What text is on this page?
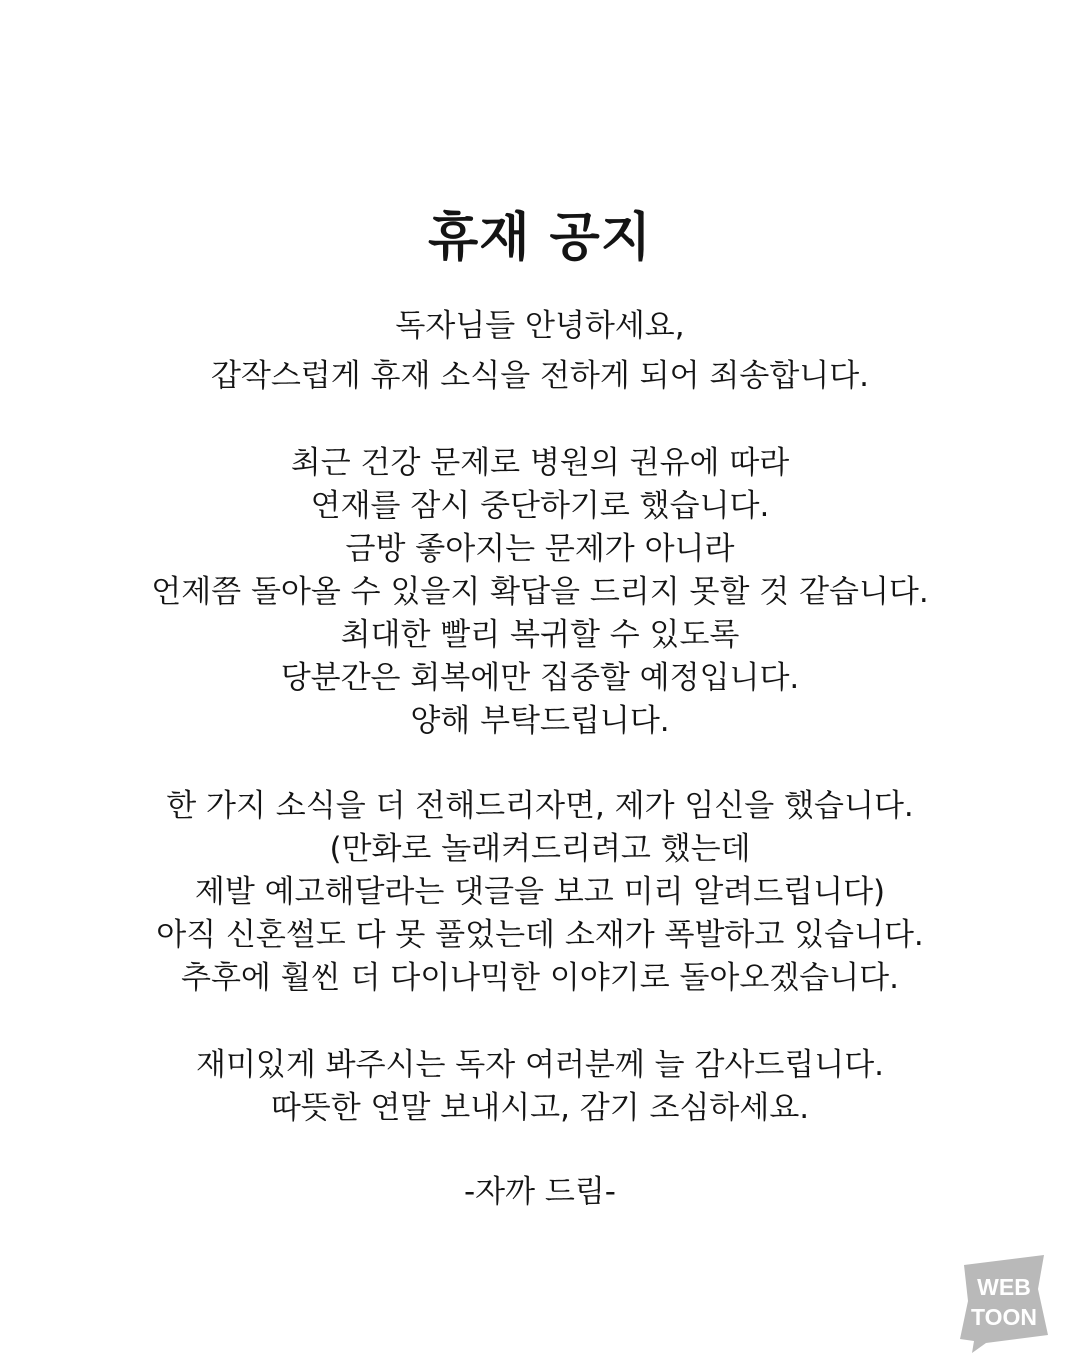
휴재 공지

독자님들 안녕하세요,

갑작스럽게 휴재 소식을 전하게 되어 죄송합니다.

최근 건강 문제로 병원의 권유에 따라

연재를 잠시 중단하기로 했습니다.

금방 좋아지는 문제가 아니라

언제쯤 돌아올 수 있을지 확답을 드리지 못할 것 같습니다.

최대한 빨리 복귀할 수 있도록

당분간은 회복에만 집중할 예정입니다.

양해 부탁드립니다.

한 가지 소식을 더 전해드리자면, 제가 임신을 했습니다.

(만화로 놀래켜드리려고 했는데

제발 예고해달라는 댓글을 보고 미리 알려드립니다)

아직 신혼썰도 다 못 풀었는데 소재가 폭발하고 있습니다.

추후에 훨씬 더 다이나믹한 이야기로 돌아오겠습니다.

재미있게 봐주시는 독자 여러분께 늘 감사드립니다.

따뜻한 연말 보내시고, 감기 조심하세요.

-자까 드림-

WEB
TOON
